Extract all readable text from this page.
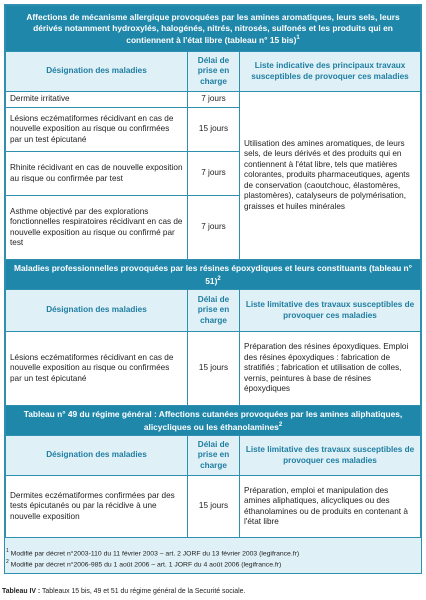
Affections de mécanisme allergique provoquées par les amines aromatiques, leurs sels, leurs dérivés notamment hydroxylés, halogénés, nitrés, nitrosés, sulfonés et les produits qui en contiennent à l'état libre (tableau n° 15 bis)$^1$
Désignation des maladies	Délai de prise en charge	Liste indicative des principaux travaux susceptibles de provoquer ces maladies
Dermite irritative	7 jours	Utilisation des amines aromatiques, de leurs sels, de leurs dérivés et des produits qui en contiennent à l'état libre, tels que matières colorantes, produits pharmaceutiques, agents de conservation (caoutchouc, élastomères, plastomères), catalyseurs de polymérisation, graisses et huiles minérales
Lésions eczématiformes récidivant en cas de nouvelle exposition au risque ou confirmées par un test épicutané	15 jours	
Rhinite récidivant en cas de nouvelle exposition au risque ou confirmée par test	7 jours	
Asthme objectivé par des explorations fonctionnelles respiratoires récidivant en cas de nouvelle exposition au risque ou confirmé par test	7 jours	
Maladies professionnelles provoquées par les résines époxydiques et leurs constituants (tableau n° 51)$^2$
Désignation des maladies	Délai de prise en charge	Liste limitative des travaux susceptibles de provoquer ces maladies
Lésions eczématiformes récidivant en cas de nouvelle exposition au risque ou confirmées par un test épicutané	15 jours	Préparation des résines époxydiques. Emploi des résines époxydiques : fabrication de stratifiés ; fabrication et utilisation de colles, vernis, peintures à base de résines époxydiques
Tableau n° 49 du régime général : Affections cutanées provoquées par les amines aliphatiques, alicycliques ou les éthanolamines$^2$
Désignation des maladies	Délai de prise en charge	Liste limitative des travaux susceptibles de provoquer ces maladies
Dermites eczématiformes confirmées par des tests épicutanés ou par la récidive à une nouvelle exposition	15 jours	Préparation, emploi et manipulation des amines aliphatiques, alicycliques ou des éthanolamines ou de produits en contenant à l'état libre
$^1$ Modifié par décret n°2003-110 du 11 février 2003 – art. 2 JORF du 13 février 2003 (legifrance.fr)
$^2$ Modifié par décret n°2006-985 du 1 août 2006 – art. 1 JORF du 4 août 2006 (legifrance.fr)
Tableau IV : Tableaux 15 bis, 49 et 51 du régime général de la Securité sociale.
